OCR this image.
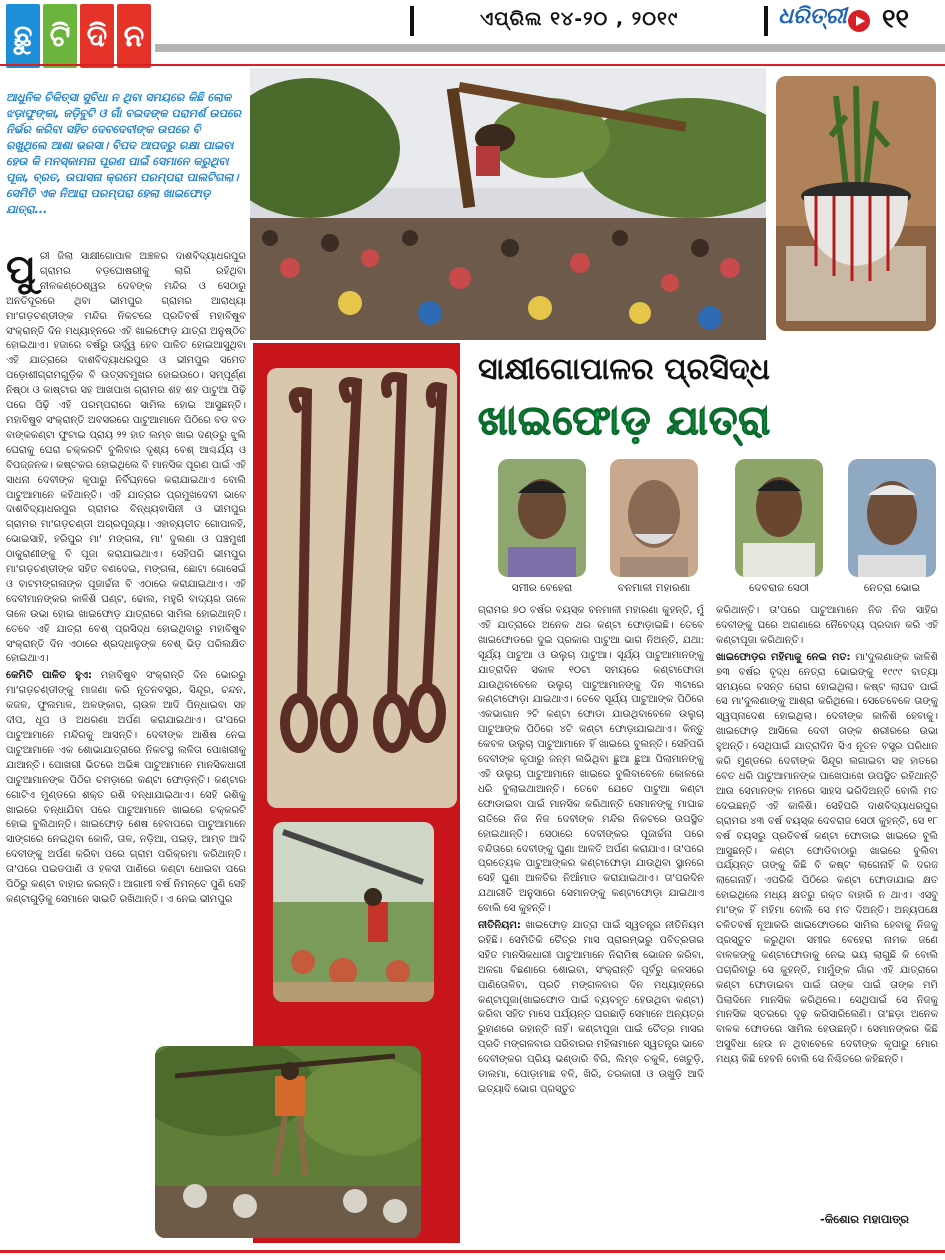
ଛୁ ଟି ଦି ନ	ଏପ୍ରିଲ ୧୪-୨୦ , ୨୦୧୯	ଧରିତ୍ରୀ ୧୧
ଆଧୁନିକ ଚିକିତ୍ସା ସୁବିଧା ନ ଥିବା ସମୟରେ କିଛି ଲୋକ ଝଡ଼ାଫୁଙ୍କା, ଜଡ଼ିବୁଟି ଓ ଗାଁ ବଇଦଙ୍କ ପରାମର୍ଶ ଉପରେ ନିର୍ଭର କରିବା ସହିତ ଦେବଦେବୀଙ୍କ ଉପରେ ବି ରଖୁଥିଲେ ଆଶା ଭରସା। ବିପଦ ଆପଦରୁ ରକ୍ଷା ପାଇବା ହେଉ କି ମନସ୍କାମନା ପୂରଣ ପାଇଁ ସେମାନେ କରୁଥିବା ପୂଜା, ବ୍ରତ, ଉପାସନା କ୍ରମେ ପରମ୍ପରା ପାଲଟିଗଲା। ସେମିତି ଏକ ନିଆରା ପରମ୍ପରା ହେଲା ଖାଇଫୋଡ଼ ଯାତ୍ରା...
ସାକ୍ଷୀଗୋପାଳର ପ୍ରସିଦ୍ଧ
ଖାଇଫୋଡ଼ ଯାତ୍ରା
ସମୀର ବେହେରା	ବନମାଳୀ ମହାରଣା	ଦେବରାଜ ସେଠୀ	ନେତ୍ରା ଭୋଇ

ପୁ ରୀ ଜିଲା ସାକ୍ଷୀଗୋପାଳ ଅଞ୍ଚଳର ଦାଶବିଦ୍ୟାଧରପୁର ଗ୍ରାମର ବଡ଼ଘୋଷରୀକୁ ଲାଗି ରହିଥିବା ନୀଳକଣ୍ଠେଶ୍ୱର ଦେବଙ୍କ ମନ୍ଦିର ଓ ସେଠାରୁ ଅନତିଦୂରରେ ଥିବା ଭୀମପୁର ଗ୍ରାମର ଆରାଧ୍ୟା ମା'ଗଡ଼ଚଣ୍ଡୀଙ୍କ ମନ୍ଦିର ନିକଟରେ ପ୍ରତିବର୍ଷ ମହାବିଷୁବ ସଂକ୍ରାନ୍ତି ଦିନ ମଧ୍ୟାହ୍ନରେ ଏହି ଖାଇଫୋଡ଼ ଯାତ୍ରା ଅନୁଷ୍ଠିତ ହୋଇଥାଏ। ହଜାରେ ବର୍ଷରୁ ଊର୍ଦ୍ଧ୍ୱ ହେବ ପାଳିତ ହୋଇଆସୁଥିବା ଏହି ଯାତ୍ରାରେ ଦାଶବିଦ୍ୟାଧରପୁର ଓ ଭୀମପୁର ସମେତ ପଡ଼ୋଶୀଗ୍ରାମଗୁଡ଼ିକ ବି ଉତ୍ସବମୁଖର ହୋଇଉଠେ। ସମ୍ପୂର୍ଣ୍ଣ ନିଷ୍ଠା ଓ କାଷ୍ଟାର ସହ ଆଖପାଖ ଗ୍ରାମର ଶହ ଶହ ପାଟୁଆ ପିଢ଼ି ପରେ ପିଢ଼ି ଏହି ପରମ୍ପରାରେ ସାମିଲ ହୋଇ ଆସୁଛନ୍ତି। ମହାବିଷୁବ ସଂକ୍ରାନ୍ତି ଅବସରରେ ପାଟୁଆମାନେ ପିଠିରେ ବଡ ବଡ ବାଙ୍କକଣ୍ଟା ଫୁଟାଇ ପ୍ରାୟ ୨୨ ହାତ ଲମ୍ବ ଖାଇ ଦଣ୍ଡରୁ ଝୁଲି ଘେରାକୁ ଘେରା ଚକ୍କରଟି ବୁଲିବାର ଦୃଶ୍ୟ ବେଶ୍ ଆଶ୍ଚର୍ଯ୍ୟ ଓ ବିପଜ୍ଜନକ। କଷ୍ଟକର ହୋଇଥିଲେ ବି ମାନସିକ ପୂରଣ ପାଇଁ ଏହି ସାଧନା ଦେବୀଙ୍କ କୃପାରୁ ନିର୍ବିଘ୍ନରେ କରାଯାଇଥାଏ ବୋଲି ପାଟୁଆମାନେ କହିଥାନ୍ତି। ଏହି ଯାତ୍ରାର ପ୍ରମୁଖଦେବୀ ଭାବେ ଦାଶବିଦ୍ୟାଧରପୁର ଗ୍ରାମର ବିନ୍ଧ୍ୟବାସିନୀ ଓ ଭୀମପୁର ଗ୍ରାମର ମା'ଗଡ଼ଚଣ୍ଡୀ ଅଗ୍ରପୂଜ୍ୟା। ଏହାବ୍ୟତୀତ ଗୋପାଳହି, ଭୋଇସାହି, ହରିପୁର ମା' ମଙ୍ଗଳା, ମା' ଦୁଲଣା ଓ ପଞ୍ଚମୁଖୀ ଠାକୁରାଣୀଙ୍କୁ ବି ପୂଜା କରାଯାଇଥାଏ। ସେହିପରି ଭୀମପୁର ମା'ଗଡ଼ଚଣ୍ଡୀଙ୍କ ସହିତ ବଣଦେଇ, ମଙ୍ଗଳା, ଛୋଟା ଗୋସେଇଁ ଓ ବାଟମଙ୍ଗଳାଙ୍କ ପୂଜାର୍ଚ୍ଚନା ବି ଏଠାରେ କରାଯାଇଥାଏ। ଏହି ଦେବୀମାନଙ୍କର କାଳିଶି ଘଣ୍ଟ, ଢୋଲ, ମହୁରି ବାଦ୍ୟର ତାଳେ ତାଳେ ଉଭା ହୋଇ ଖାଇଫୋଡ଼ ଯାତ୍ରାରେ ସାମିଲ ହୋଇଥାନ୍ତି। ତେବେ ଏହି ଯାତ୍ରା ବେଶ୍ ପ୍ରସିଦ୍ଧ ହୋଇଥିବାରୁ ମହାବିଷୁବ ସଂକ୍ରାନ୍ତି ଦିନ ଏଠାରେ ଶ୍ରଦ୍ଧାଳୁଙ୍କ ବେଶ୍ ଭିଡ଼ ପରିଲକ୍ଷିତ ହୋଇଥାଏ।

କେମିତି ପାଳିତ ହୁଏ: ମହାବିଷୁବ ସଂକ୍ରାନ୍ତି ଦିନ ଭୋରରୁ ମା'ଗଡ଼ଚଣ୍ଡୀଙ୍କୁ ମାଜଣା କରି ନୂତନବସ୍ତ୍ର, ସିନ୍ଦୂର, ଚନ୍ଦନ, କଜଳ, ଫୁଲମାଳ, ଅଳଙ୍କାର, ଚାଉଳ ଆଦି ପିନ୍ଧାଇବା ସହ ଦୀପ, ଧୂପ ଓ ଅଧରଣା ଅର୍ପଣ କରାଯାଇଥାଏ। ତା'ପରେ ପାଟୁଆମାନେ ମନ୍ଦିରକୁ ଆସନ୍ତି। ଦେବୀଙ୍କ ଆଶିଷ ନେଇ ପାଟୁଆମାନେ ଏକ ଶୋଭାଯାତ୍ରାରେ ନିକଟସ୍ଥ ଲଳିତା ପୋଖରୀକୁ ଯାଆନ୍ତି। ପୋଖରୀ ଭିତରେ ଅଭିଜ୍ଞ ପାଟୁଆମାନେ ମାନସିକଧାରୀ ପାଟୁଆମାନଙ୍କ ପିଠିର ଚମଡ଼ାରେ କଣ୍ଟା ଫୋଡ଼ନ୍ତି। କଣ୍ଟାର ଗୋଟିଏ ମୁଣ୍ଡରେ ଶକ୍ତ ରଶି ବନ୍ଧାଯାଇଥାଏ। ସେହି ରଶିକୁ ଖାଇରେ ବନ୍ଧାଯିବା ପରେ ପାଟୁଆମାନେ ଖାଇରେ ଚକ୍କରଟି ହୋଇ ବୁଲିଥାନ୍ତି। ଖାଇଫୋଡ଼ ଶେଷ ହେବାପରେ ପାଟୁଆମାନେ ସାଙ୍ଗରେ ନେଇଥିବା କୋଳି, ତାଳ, ନଡ଼ିଆ, ପଇଡ଼, ଆମ୍ବ ଆଦି ଦେବୀଙ୍କୁ ଅର୍ପଣ କରିବା ପରେ ଗ୍ରାମ ପରିକ୍ରମା କରିଥାନ୍ତି। ତା'ପରେ ପଇଡପାଣି ଓ ହଳଦୀ ପାଣିରେ କଣ୍ଟା ଧୋଇବା ପରେ ପିଠିରୁ କଣ୍ଟା ବାହାର କରନ୍ତି। ଆଗାମୀ ବର୍ଷ ନିମନ୍ତେ ପୁଣି ସେହି କଣ୍ଟାଗୁଡ଼ିକୁ ସେମାନେ ସାଇତି ରଖିଥାନ୍ତି। ଏ ନେଇ ଭୀମପୁର

ଗ୍ରାମର ୭୦ ବର୍ଷର ବୟସ୍କ ବନମାଳୀ ମହାରଣା କୁହନ୍ତି, ମୁଁ ଏହି ଯାତ୍ରାରେ ଅନେକ ଥର କଣ୍ଟା ଫୋଡ଼ାଇଛି। ତେବେ ଖାଇଫୋଡରେ ଦୁଇ ପ୍ରକାର ପାଟୁଆ ଭାଗ ନିଅନ୍ତି, ଯଥା: ସୂର୍ଯ୍ୟ ପାଟୁଆ ଓ ଉଲୁଚା ପାଟୁଆ। ସୂର୍ଯ୍ୟ ପାଟୁଆମାନଙ୍କୁ ଯାତ୍ରାଦିନ ସକାଳ ୧୦ଟା ସମୟରେ କଣ୍ଟାଫୋଡା ଯାଉଥିବାବେଳେ ଉଲୁଚା ପାଟୁଆମାନଙ୍କୁ ଦିନ ୩ଟାରେ କଣ୍ଟାଫୋଡ଼ା ଯାଇଥାଏ। ତେବେ ସୂର୍ଯ୍ୟ ପାଟୁଆଙ୍କ ପିଠିରେ ଏକଭାଗାନ ୨ଟି କଣ୍ଟା ଫୋଡା ଯାଉଥିବାବେଳେ ଉଲୁଚା ପାଟୁଆଙ୍କ ପିଠିରେ ୪ଟି କଣ୍ଟା ଫୋଡ଼ାଯାଇଥାଏ। କିନ୍ତୁ କେବଳ ଉଲୁଚା ପାଟୁଆମାନେ ହିଁ ଖାଇରେ ବୁଲନ୍ତି। ସେହିପରି ଦେବୀଙ୍କ କୃପାରୁ ଜନ୍ମ ଲଭିଥିବା ଛୁଆ ଛୁଆ ପିଲାମାନଙ୍କୁ ଏହି ଉଲୁଚା ପାଟୁଆମାନେ ଖାଇରେ ବୁଲିବାବେଳେ କୋଳରେ ଧରି ବୁଲାଇଥାଆନ୍ତି। ତେବେ ଯେତେ ପାଟୁଆ କଣ୍ଟା ଫୋଡାଇବା ପାଇଁ ମାନସିକ କରିଥାନ୍ତି ସେମାନଙ୍କୁ ମାଘାଚ୍ଚ ରାତିରେ ନିଜ ନିଜ ଦେବୀଙ୍କ ମନ୍ଦିର ନିକଟରେ ଉପସ୍ଥିତ ହୋଇଥାନ୍ତି। ସେଠାରେ ଦେବୀଙ୍କର ପୂଜାର୍ଚ୍ଚନା ପରେ ବନ୍ଦିତାରେ ଦେବୀଙ୍କୁ ଘୁଣା ଆଳତି ଅର୍ପଣ କରାଯାଏ। ତା'ପରେ ପ୍ରତ୍ୟେକ ପାଟୁଆଙ୍କର କଣ୍ଟାଫୋଡ଼ା ଯାଉଥିବା ସ୍ଥାନରେ ସେହି ଘୁଣା ଆଳତିର ନିଆଁମାଡ କରାଯାଇଥାଏ। ତା'ପରଦିନ ଯଥାରୀତି ଅନୁସାରେ ସେମାନଙ୍କୁ କଣ୍ଟାଫୋଡ଼ା ଯାଇଥାଏ ବୋଲି ସେ କୁହନ୍ତି।

ନୀତିନିୟମ: ଖାଇଫୋଡ଼ ଯାତ୍ରା ପାଇଁ ସ୍ୱତନ୍ତ୍ର ନୀତିନିୟମ ରହିଛି। ସେମିତିକି ଚୈତ୍ର ମାସ ପ୍ରାରମ୍ଭରୁ ପବିତ୍ରତାର ସହିତ ମାନସିକଧାରୀ ପାଟୁଆମାନେ ନିରାମିଷ ଭୋଜନ କରିବା, ଅଳଗା ବିଛଣାରେ ଶୋଇବା, ସଂକ୍ରାନ୍ତି ପୂର୍ବରୁ କଳସରେ ପାଣିତୋଳିବା, ପ୍ରତି ମଙ୍ଗଳବାର ଦିନ ମଧ୍ୟାହ୍ନରେ କଣ୍ଟାପୂଜା(ଖାଇଫୋଡ ପାଇଁ ବ୍ୟବହୃତ ହେଉଥିବା କଣ୍ଟା) କରିବା ସହିତ ମାସେ ପର୍ଯ୍ୟନ୍ତ ଘରଛାଡ଼ି ସେମାନେ ଅନ୍ୟତ୍ର ରୁହାଣରେ ରହାନ୍ତି ନାହିଁ। କଣ୍ଟାପୂଜା ପାଇଁ ଚୈତ୍ର ମାସର ପ୍ରତି ମଙ୍ଗଳବାର ପରିବାରର ମହିଳାମାନେ ସ୍ୱତନ୍ତ୍ର ଭାବେ ଦେବୀଙ୍କର ପ୍ରିୟ ଭଣ୍ଡାରି ବିରି, ଲିମ୍ବ ଚକୁଳି, ଖେଚୁଡ଼ି, ଡାଲମା, ପୋଡ଼ାମାଛ ବଳି, ଖିରି, ତରକାରୀ ଓ ଉଖୁଡ଼ି ଆଦି ଇତ୍ୟାଦି ଭୋଗ ପ୍ରସ୍ତୁତ

କରିଥାନ୍ତି। ତା'ପରେ ପାଟୁଆମାନେ ନିଜ ନିଜ ସାହିର ଦେବୀଙ୍କୁ ଘରେ ଅଗଣାରେ ନୈବେଦ୍ୟ ପ୍ରଦାନ କରି ଏହି କଣ୍ଟାପୂଜା କରିଥାନ୍ତି।

ଖାଇଫୋଡ଼ର ମହିମାକୁ ନେଇ ମତ: ମା'ଦୁଲଣାଙ୍କ କାଳିଶି ୭୩ ବର୍ଷର ବୃଦ୍ଧ ନେତ୍ରା ଭୋଇଙ୍କୁ ୧୯୯୯ ବାତ୍ୟା ସମୟରେ ବସନ୍ତ ରୋଗ ହୋଇଥିଲା। କଷ୍ଟ ଲାଘବ ପାଇଁ ସେ ମା'ଦୁଲଣାଙ୍କୁ ଆଶ୍ରା କରିଥିଲେ। ସେତେବେଳେ ତାଙ୍କୁ ସ୍ୱପ୍ନାଦେଶ ହୋଇଥିଲା। ଦେବୀଙ୍କ କାଳିଶି ହେବାକୁ। ଖାଇଫୋଡ଼ ଆସିଲେ ଦେବୀ ତାଙ୍କ ଶରୀରରେ ଉଭା ହୁଅନ୍ତି। ସେଥିପାଇଁ ଯାତ୍ରାଦିନ ସିଏ ନୂତନ ବସ୍ତ୍ର ପରିଧାନ କରି ମୁଣ୍ଡରେ ଦେବୀଙ୍କ ସିନ୍ଦୂର ଲଗାଇବା ସହ ହାତରେ ବେତ ଧରି ପାଟୁଆମାନଙ୍କ ପାଖେପାଖେ ଉପସ୍ଥିତ ରହିଥାନ୍ତି ଆଉ ସେମାନଙ୍କ ମନରେ ସାହସ ଭରିଦିଅନ୍ତି ବୋଲି ମତ ଦେଇଛନ୍ତି ଏହି କାଳିଶି। ସେହିପରି ଦାଶବିଦ୍ୟାଧରପୁର ଗ୍ରାମର ୪୩ ବର୍ଷ ବୟସ୍କ ଦେବରାଜ ସେଠୀ କୁହନ୍ତି, ସେ ୧୮ ବର୍ଷ ବୟସରୁ ପ୍ରତିବର୍ଷ କଣ୍ଟା ଫୋଡାଇ ଖାଇରେ ବୁଲି ଆସୁଛନ୍ତି। କଣ୍ଟା ଫୋଡିବାଠାରୁ ଖାଇରେ ବୁଲିବା ପର୍ଯ୍ୟନ୍ତ ତାଙ୍କୁ କିଛି ବି କଷ୍ଟ ଲାଗେନାହିଁ କି ଦରଜ ଲାଗେନାହିଁ। ଏପରିକି ପିଠିରେ କଣ୍ଟା ଫୋଡାଯାଇ କ୍ଷତ ହୋଇଥିଲେ ମଧ୍ୟ କ୍ଷତରୁ ରକ୍ତ ବାହାରି ନ ଥାଏ। ଏସବୁ ମା'ଙ୍କ ହିଁ ମହିମା ବୋଲି ସେ ମତ ଦିଅନ୍ତି। ଅନ୍ୟପକ୍ଷେ ଚଳିତବର୍ଷ ନୂଆକରି ଖାଇଫୋଡରେ ସାମିଲ ହେବାକୁ ନିଜକୁ ପ୍ରସ୍ତୁତ କରୁଥିବା ସମୀର ବେହେରା ନାମକ ଜଣେ ବାଳକଙ୍କୁ କଣ୍ଟାଫୋଡାକୁ ନେଇ ଭୟ ଲାଗୁଛି କି ବୋଲି ପଚାରିବାରୁ ସେ କୁହନ୍ତି, ମାମୁଁଙ୍କ ଗାଁର ଏହି ଯାତ୍ରାରେ କଣ୍ଟା ଫୋଡାଇବା ପାଇଁ ତାଙ୍କ ପାଇଁ ତାଙ୍କ ମମି ପିଲାଦିନେ ମାନସିକ କରିଥିଲେ। ସେଥିପାଇଁ ସେ ନିଜକୁ ମାନସିକ ସ୍ତରରେ ଦୃଢ଼ କରିସାରିଲେଣି। ତା'ଛଡ଼ା ଅନେକ ବାଳକ ଫୋଡରେ ସାମିଲ ହେଉଛନ୍ତି। ସେମାନଙ୍କର କିଛି ଅସୁବିଧା ହେଉ ନ ଥିବାବେଳେ ଦେବୀଙ୍କ କୃପାରୁ ମୋର ମଧ୍ୟ କିଛି ହେବନି ବୋଲି ସେ ନିଶ୍ଚିତରେ କହିଛନ୍ତି।

-କିଶୋର ମହାପାତ୍ର
